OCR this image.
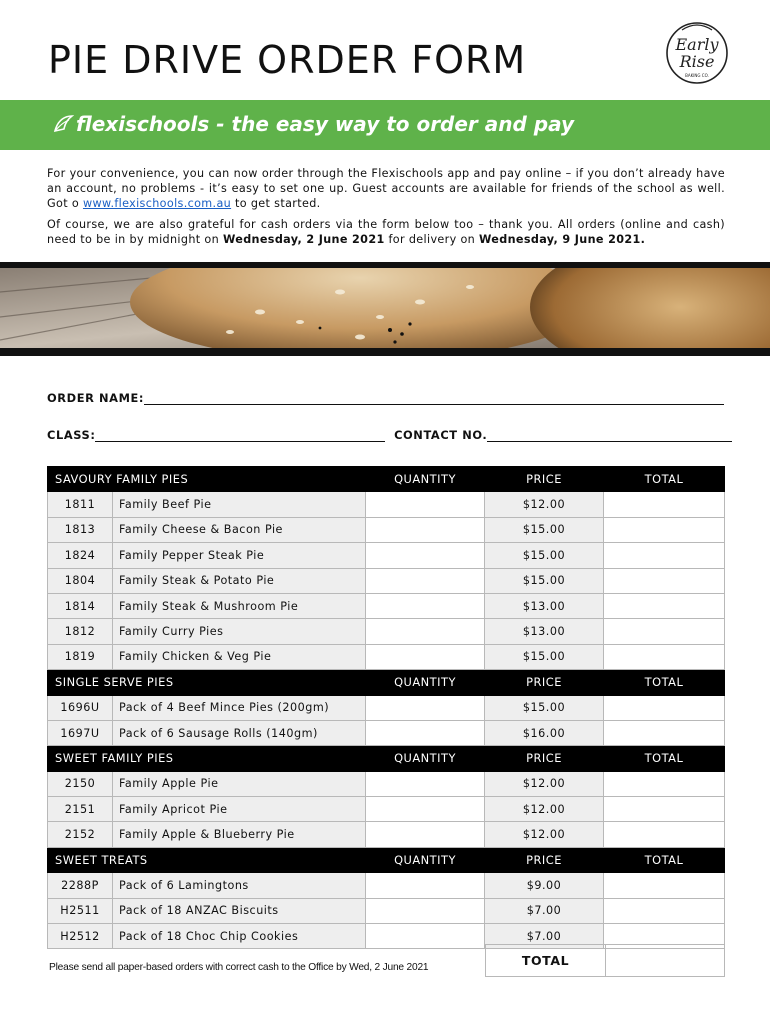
PIE DRIVE ORDER FORM	Early
Rise
BAKING CO.
flexischools - the easy way to order and pay

For your convenience, you can now order through the Flexischools app and pay online – if you don’t already have an account, no problems - it’s easy to set one up. Guest accounts are available for friends of the school as well. Got o www.flexischools.com.au to get started.

Of course, we are also grateful for cash orders via the form below too – thank you. All orders (online and cash) need to be in by midnight on Wednesday, 2 June 2021 for delivery on Wednesday, 9 June 2021.

ORDER NAME:
CLASS:	CONTACT NO.
SAVOURY FAMILY PIES		QUANTITY	PRICE	TOTAL
1811	Family Beef Pie		$12.00	
1813	Family Cheese & Bacon Pie		$15.00	
1824	Family Pepper Steak Pie		$15.00	
1804	Family Steak & Potato Pie		$15.00	
1814	Family Steak & Mushroom Pie		$13.00	
1812	Family Curry Pies		$13.00	
1819	Family Chicken & Veg Pie		$15.00	
SINGLE SERVE PIES		QUANTITY	PRICE	TOTAL
1696U	Pack of 4 Beef Mince Pies (200gm)		$15.00	
1697U	Pack of 6 Sausage Rolls (140gm)		$16.00	
SWEET FAMILY PIES		QUANTITY	PRICE	TOTAL
2150	Family Apple Pie		$12.00	
2151	Family Apricot Pie		$12.00	
2152	Family Apple & Blueberry Pie		$12.00	
SWEET TREATS		QUANTITY	PRICE	TOTAL
2288P	Pack of 6 Lamingtons		$9.00	
H2511	Pack of 18 ANZAC Biscuits		$7.00	
H2512	Pack of 18 Choc Chip Cookies		$7.00	
Please send all paper-based orders with correct cash to the Office by Wed, 2 June 2021	TOTAL
